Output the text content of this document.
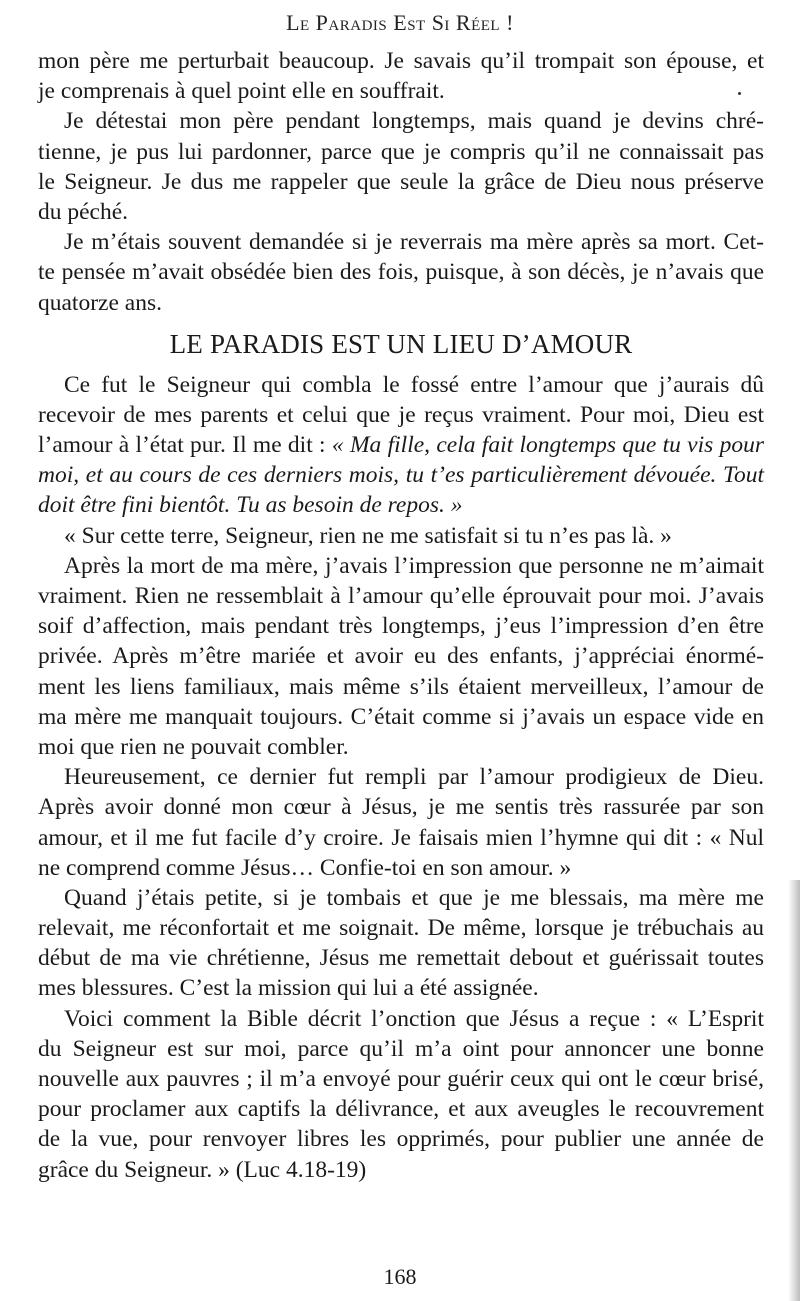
Le Paradis Est Si Réel !
mon père me perturbait beaucoup. Je savais qu’il trompait son épouse, et
je comprenais à quel point elle en souffrait.
Je détestai mon père pendant longtemps, mais quand je devins chré-
tienne, je pus lui pardonner, parce que je compris qu’il ne connaissait pas
le Seigneur. Je dus me rappeler que seule la grâce de Dieu nous préserve
du péché.
Je m’étais souvent demandée si je reverrais ma mère après sa mort. Cet-
te pensée m’avait obsédée bien des fois, puisque, à son décès, je n’avais que
quatorze ans.
LE PARADIS EST UN LIEU D’AMOUR
Ce fut le Seigneur qui combla le fossé entre l’amour que j’aurais dû
recevoir de mes parents et celui que je reçus vraiment. Pour moi, Dieu est
l’amour à l’état pur. Il me dit : « Ma fille, cela fait longtemps que tu vis pour
moi, et au cours de ces derniers mois, tu t’es particulièrement dévouée. Tout
doit être fini bientôt. Tu as besoin de repos. »
« Sur cette terre, Seigneur, rien ne me satisfait si tu n’es pas là. »
Après la mort de ma mère, j’avais l’impression que personne ne m’aimait
vraiment. Rien ne ressemblait à l’amour qu’elle éprouvait pour moi. J’avais
soif d’affection, mais pendant très longtemps, j’eus l’impression d’en être
privée. Après m’être mariée et avoir eu des enfants, j’appréciai énormé-
ment les liens familiaux, mais même s’ils étaient merveilleux, l’amour de
ma mère me manquait toujours. C’était comme si j’avais un espace vide en
moi que rien ne pouvait combler.
Heureusement, ce dernier fut rempli par l’amour prodigieux de Dieu.
Après avoir donné mon cœur à Jésus, je me sentis très rassurée par son
amour, et il me fut facile d’y croire. Je faisais mien l’hymne qui dit : « Nul
ne comprend comme Jésus… Confie-toi en son amour. »
Quand j’étais petite, si je tombais et que je me blessais, ma mère me
relevait, me réconfortait et me soignait. De même, lorsque je trébuchais au
début de ma vie chrétienne, Jésus me remettait debout et guérissait toutes
mes blessures. C’est la mission qui lui a été assignée.
Voici comment la Bible décrit l’onction que Jésus a reçue : « L’Esprit
du Seigneur est sur moi, parce qu’il m’a oint pour annoncer une bonne
nouvelle aux pauvres ; il m’a envoyé pour guérir ceux qui ont le cœur brisé,
pour proclamer aux captifs la délivrance, et aux aveugles le recouvrement
de la vue, pour renvoyer libres les opprimés, pour publier une année de
grâce du Seigneur. » (Luc 4.18-19)
168
